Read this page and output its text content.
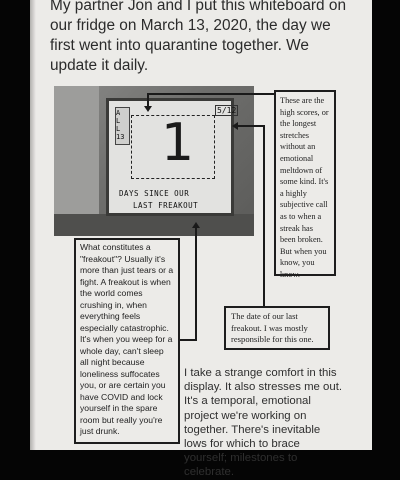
My partner Jon and I put this whiteboard on our fridge on March 13, 2020, the day we first went into quarantine together. We update it daily.

A L L 13 1
5/12
DAYS SINCE OUR
LAST FREAKOUT
These are the high scores, or the longest stretches without an emotional meltdown of some kind. It's a highly subjective call as to when a streak has been broken. But when you know, you know.
What constitutes a "freakout"? Usually it's more than just tears or a fight. A freakout is when the world comes crushing in, when everything feels especially catastrophic. It's when you weep for a whole day, can't sleep all night because loneliness suffocates you, or are certain you have COVID and lock yourself in the spare room but really you're just drunk.
The date of our last freakout. I was mostly responsible for this one.

I take a strange comfort in this display. It also stresses me out. It's a temporal, emotional project we're working on together. There's inevitable lows for which to brace yourself; milestones to celebrate.
